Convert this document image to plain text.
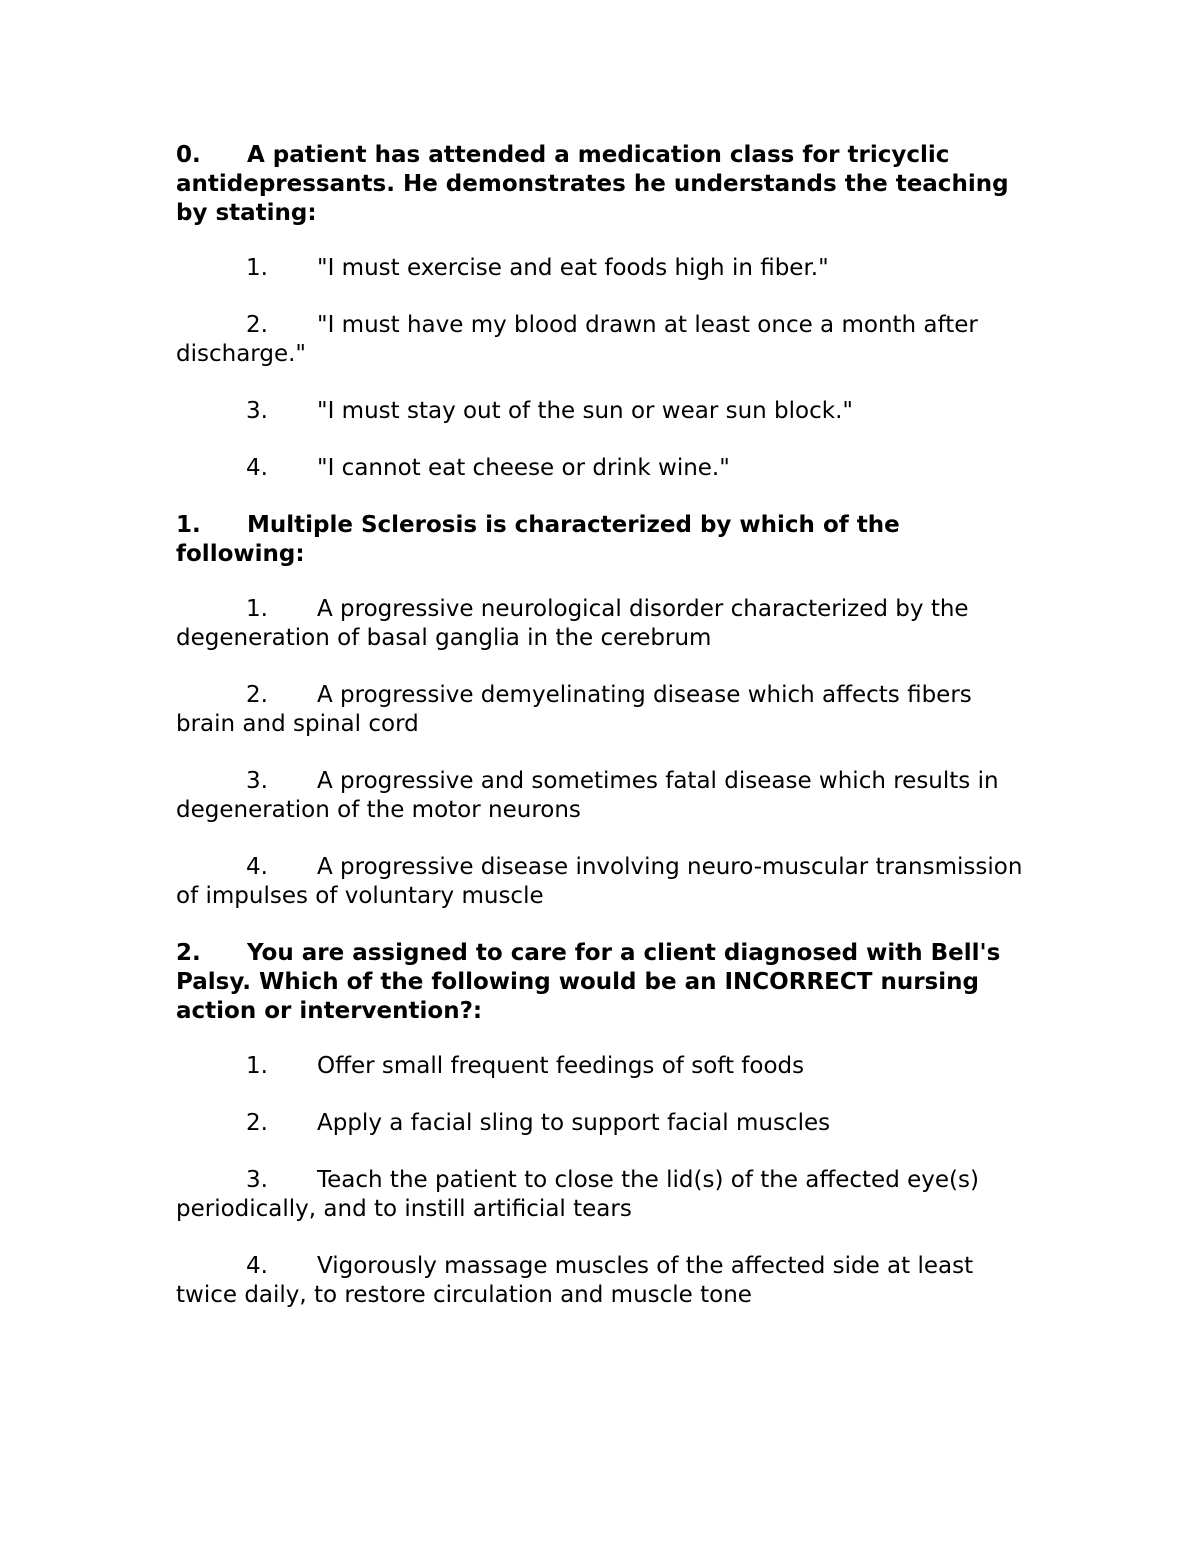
0. A patient has attended a medication class for tricyclic antidepressants. He demonstrates he understands the teaching by stating:

1. "I must exercise and eat foods high in fiber."

2. "I must have my blood drawn at least once a month after discharge."

3. "I must stay out of the sun or wear sun block."

4. "I cannot eat cheese or drink wine."

1. Multiple Sclerosis is characterized by which of the following:

1. A progressive neurological disorder characterized by the degeneration of basal ganglia in the cerebrum

2. A progressive demyelinating disease which affects fibers brain and spinal cord

3. A progressive and sometimes fatal disease which results in degeneration of the motor neurons

4. A progressive disease involving neuro-muscular transmission of impulses of voluntary muscle

2. You are assigned to care for a client diagnosed with Bell's Palsy. Which of the following would be an INCORRECT nursing action or intervention?:

1. Offer small frequent feedings of soft foods

2. Apply a facial sling to support facial muscles

3. Teach the patient to close the lid(s) of the affected eye(s) periodically, and to instill artificial tears

4. Vigorously massage muscles of the affected side at least twice daily, to restore circulation and muscle tone
